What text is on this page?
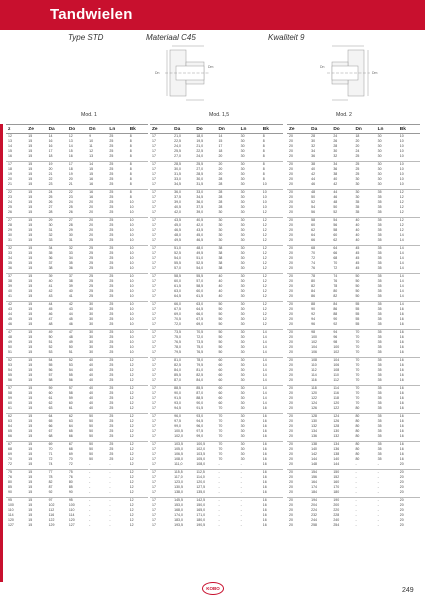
Tandwielen
Type STD	Materiaal C45	Kwaliteit 9
Dn
Dm	Dn
Dm
Mod. 1	Mod. 1,5	Mod. 2
z	Ze	Da	Do	Dn	Ln	Bk
12	15	14	12	9	25	8
13	15	16	13	10	25	8
14	15	16	14	11	25	8
15	15	17	15	12	25	8
16	15	18	16	13	25	8

17	15	19	17	14	25	8
18	15	20	18	15	25	8
19	15	21	19	15	25	8
20	15	22	20	16	25	8
21	15	23	21	16	25	8

22	15	24	22	16	25	8
23	15	25	23	16	25	8
24	15	26	24	20	25	10
25	15	27	25	20	25	10
26	15	28	26	20	25	10

27	15	29	27	20	25	10
28	15	30	28	20	25	10
29	15	31	29	20	25	10
30	15	32	30	20	25	10
31	15	33	31	25	25	10

32	15	34	32	25	25	10
33	15	35	33	25	25	10
34	15	36	34	25	25	10
35	15	37	35	25	25	10
36	15	38	36	25	25	10

37	15	39	37	25	25	10
38	15	40	38	25	25	10
39	15	41	39	25	25	10
40	15	42	40	25	25	10
41	15	43	41	25	25	10

42	15	44	42	30	25	10
43	15	45	43	30	25	10
44	15	46	44	30	25	10
45	15	47	45	30	25	10
46	15	48	46	30	25	10

47	15	49	47	30	25	10
48	15	50	48	30	25	10
49	15	51	49	30	25	10
50	15	52	50	30	25	10
51	15	53	51	30	25	10

52	15	54	52	40	25	12
53	15	55	53	40	25	12
54	15	56	54	40	25	12
55	15	57	55	40	25	12
56	15	58	56	40	25	12

57	15	59	57	40	25	12
58	15	60	58	40	25	12
59	15	61	59	40	25	12
60	15	62	60	40	25	12
61	15	63	61	40	25	12

62	15	64	62	50	25	12
63	15	65	63	50	25	12
64	15	66	64	50	25	12
65	15	67	65	50	25	12
66	15	68	66	50	25	12

67	15	69	67	50	25	12
68	15	70	68	50	25	12
69	15	71	69	50	25	12
70	15	72	70	50	25	12
72	15	74	72	-	-	12

75	15	77	75	-	-	12
76	15	78	76	-	-	12
80	15	82	80	-	-	12
85	15	87	85	-	-	12
90	15	92	90	-	-	12

95	15	97	95	-	-	12
100	15	102	100	-	-	12
110	15	112	110	-	-	12
114	15	116	114	-	-	12
120	15	122	120	-	-	12
127	15	129	127	-	-	12
Ze	Da	Do	Dn	Ln	Bk
17	21,0	18,0	14	30	8
17	22,5	19,5	15	30	8
17	24,0	21,0	17	30	8
17	25,5	22,5	18	30	8
17	27,0	24,0	20	30	8

17	28,5	25,5	20	30	8
17	30,0	27,0	20	30	8
17	31,5	28,5	20	30	8
17	33,0	30,0	28	30	8
17	34,5	31,5	28	30	10

17	36,0	33,0	28	30	10
17	37,5	34,5	28	30	10
17	39,0	36,0	28	30	10
17	40,5	37,5	28	30	10
17	42,0	39,0	30	30	12

17	43,5	40,5	30	30	12
17	45,0	42,0	30	30	12
17	46,5	43,5	30	30	12
17	48,0	45,0	30	30	12
17	49,5	46,5	30	30	12

17	51,0	48,0	38	30	12
17	52,5	49,5	38	30	12
17	54,0	51,0	38	30	12
17	55,5	52,5	38	30	12
17	57,0	54,0	38	30	12

17	58,5	55,5	40	30	12
17	60,0	57,0	40	30	12
17	61,5	58,5	40	30	12
17	63,0	60,0	40	30	12
17	64,5	61,5	40	30	12

17	66,0	63,0	50	30	12
17	67,5	64,5	50	30	12
17	69,0	66,0	50	30	12
17	70,5	67,5	50	30	12
17	72,0	69,0	50	30	12

17	73,5	70,5	50	30	14
17	75,0	72,0	50	30	14
17	76,5	73,5	50	30	14
17	78,0	75,0	50	30	14
17	79,5	76,5	50	30	14

17	81,0	78,0	60	30	14
17	82,5	79,5	60	30	14
17	84,0	81,0	60	30	14
17	85,5	82,5	60	30	14
17	87,0	84,0	60	30	14

17	88,5	85,5	60	30	14
17	90,0	87,0	60	30	14
17	91,5	88,5	60	30	14
17	93,0	90,0	60	30	14
17	94,5	91,5	70	30	16

17	96,0	93,0	70	30	16
17	97,5	94,5	70	30	16
17	99,0	96,0	70	30	16
17	100,5	97,5	70	30	16
17	102,0	99,0	70	30	16

17	103,5	100,5	70	30	16
17	105,0	102,0	70	30	16
17	106,5	103,5	70	30	16
17	108,0	105,0	70	30	16
17	111,0	108,0	-	-	16

17	115,5	112,5	-	-	16
17	117,0	114,0	-	-	16
17	123,0	120,0	-	-	16
17	130,5	127,5	-	-	16
17	138,0	135,0	-	-	16

17	145,5	142,5	-	-	16
17	153,0	150,0	-	-	16
17	168,0	165,0	-	-	16
17	174,0	171,0	-	-	16
17	183,0	180,0	-	-	16
17	193,5	190,5	-	-	16
Ze	Da	Do	Dn	Ln	Bk
20	28	24	18	30	10
20	30	26	20	30	10
20	32	28	20	30	10
20	34	30	24	30	10
20	36	32	25	30	10

20	38	34	25	30	10
20	40	36	25	30	10
20	42	38	25	30	10
20	44	40	30	30	10
20	46	42	30	30	10

20	48	44	30	35	12
20	50	46	30	35	12
20	52	48	35	35	12
20	54	50	35	35	12
20	56	52	35	35	12

20	58	54	40	35	12
20	60	56	40	35	12
20	62	58	40	35	12
20	64	60	40	35	14
20	66	62	40	35	14

20	68	64	45	35	14
20	70	66	45	35	14
20	72	68	45	35	14
20	74	70	45	35	14
20	76	72	45	35	14

20	78	74	50	35	14
20	80	76	50	35	14
20	82	78	50	35	14
20	84	80	50	35	14
20	86	82	50	35	14

20	88	84	55	35	14
20	90	86	55	35	16
20	92	88	55	35	16
20	94	90	55	35	16
20	96	92	55	35	16

20	98	94	70	35	16
20	100	96	70	35	16
20	102	98	70	35	16
20	104	100	70	35	16
20	106	102	70	35	16

20	108	104	70	35	16
20	110	106	70	35	16
20	112	108	70	35	16
20	114	110	70	35	16
20	116	112	70	35	16

20	118	114	70	35	16
20	120	116	70	35	16
20	122	118	70	35	16
20	124	120	70	35	16
20	126	122	80	35	16

20	128	124	80	35	16
20	130	126	80	35	16
20	132	128	80	35	16
20	134	130	80	35	16
20	136	132	80	35	16

20	138	134	80	35	16
20	140	136	80	35	16
20	142	138	80	35	16
20	144	140	80	35	16
20	148	144	-	-	20

20	154	150	-	-	20
20	156	152	-	-	20
20	164	160	-	-	20
20	174	170	-	-	20
20	184	180	-	-	20

20	194	190	-	-	20
20	204	200	-	-	20
20	224	220	-	-	20
20	232	228	-	-	20
20	244	240	-	-	20
20	258	254	-	-	20
KOBO	249
